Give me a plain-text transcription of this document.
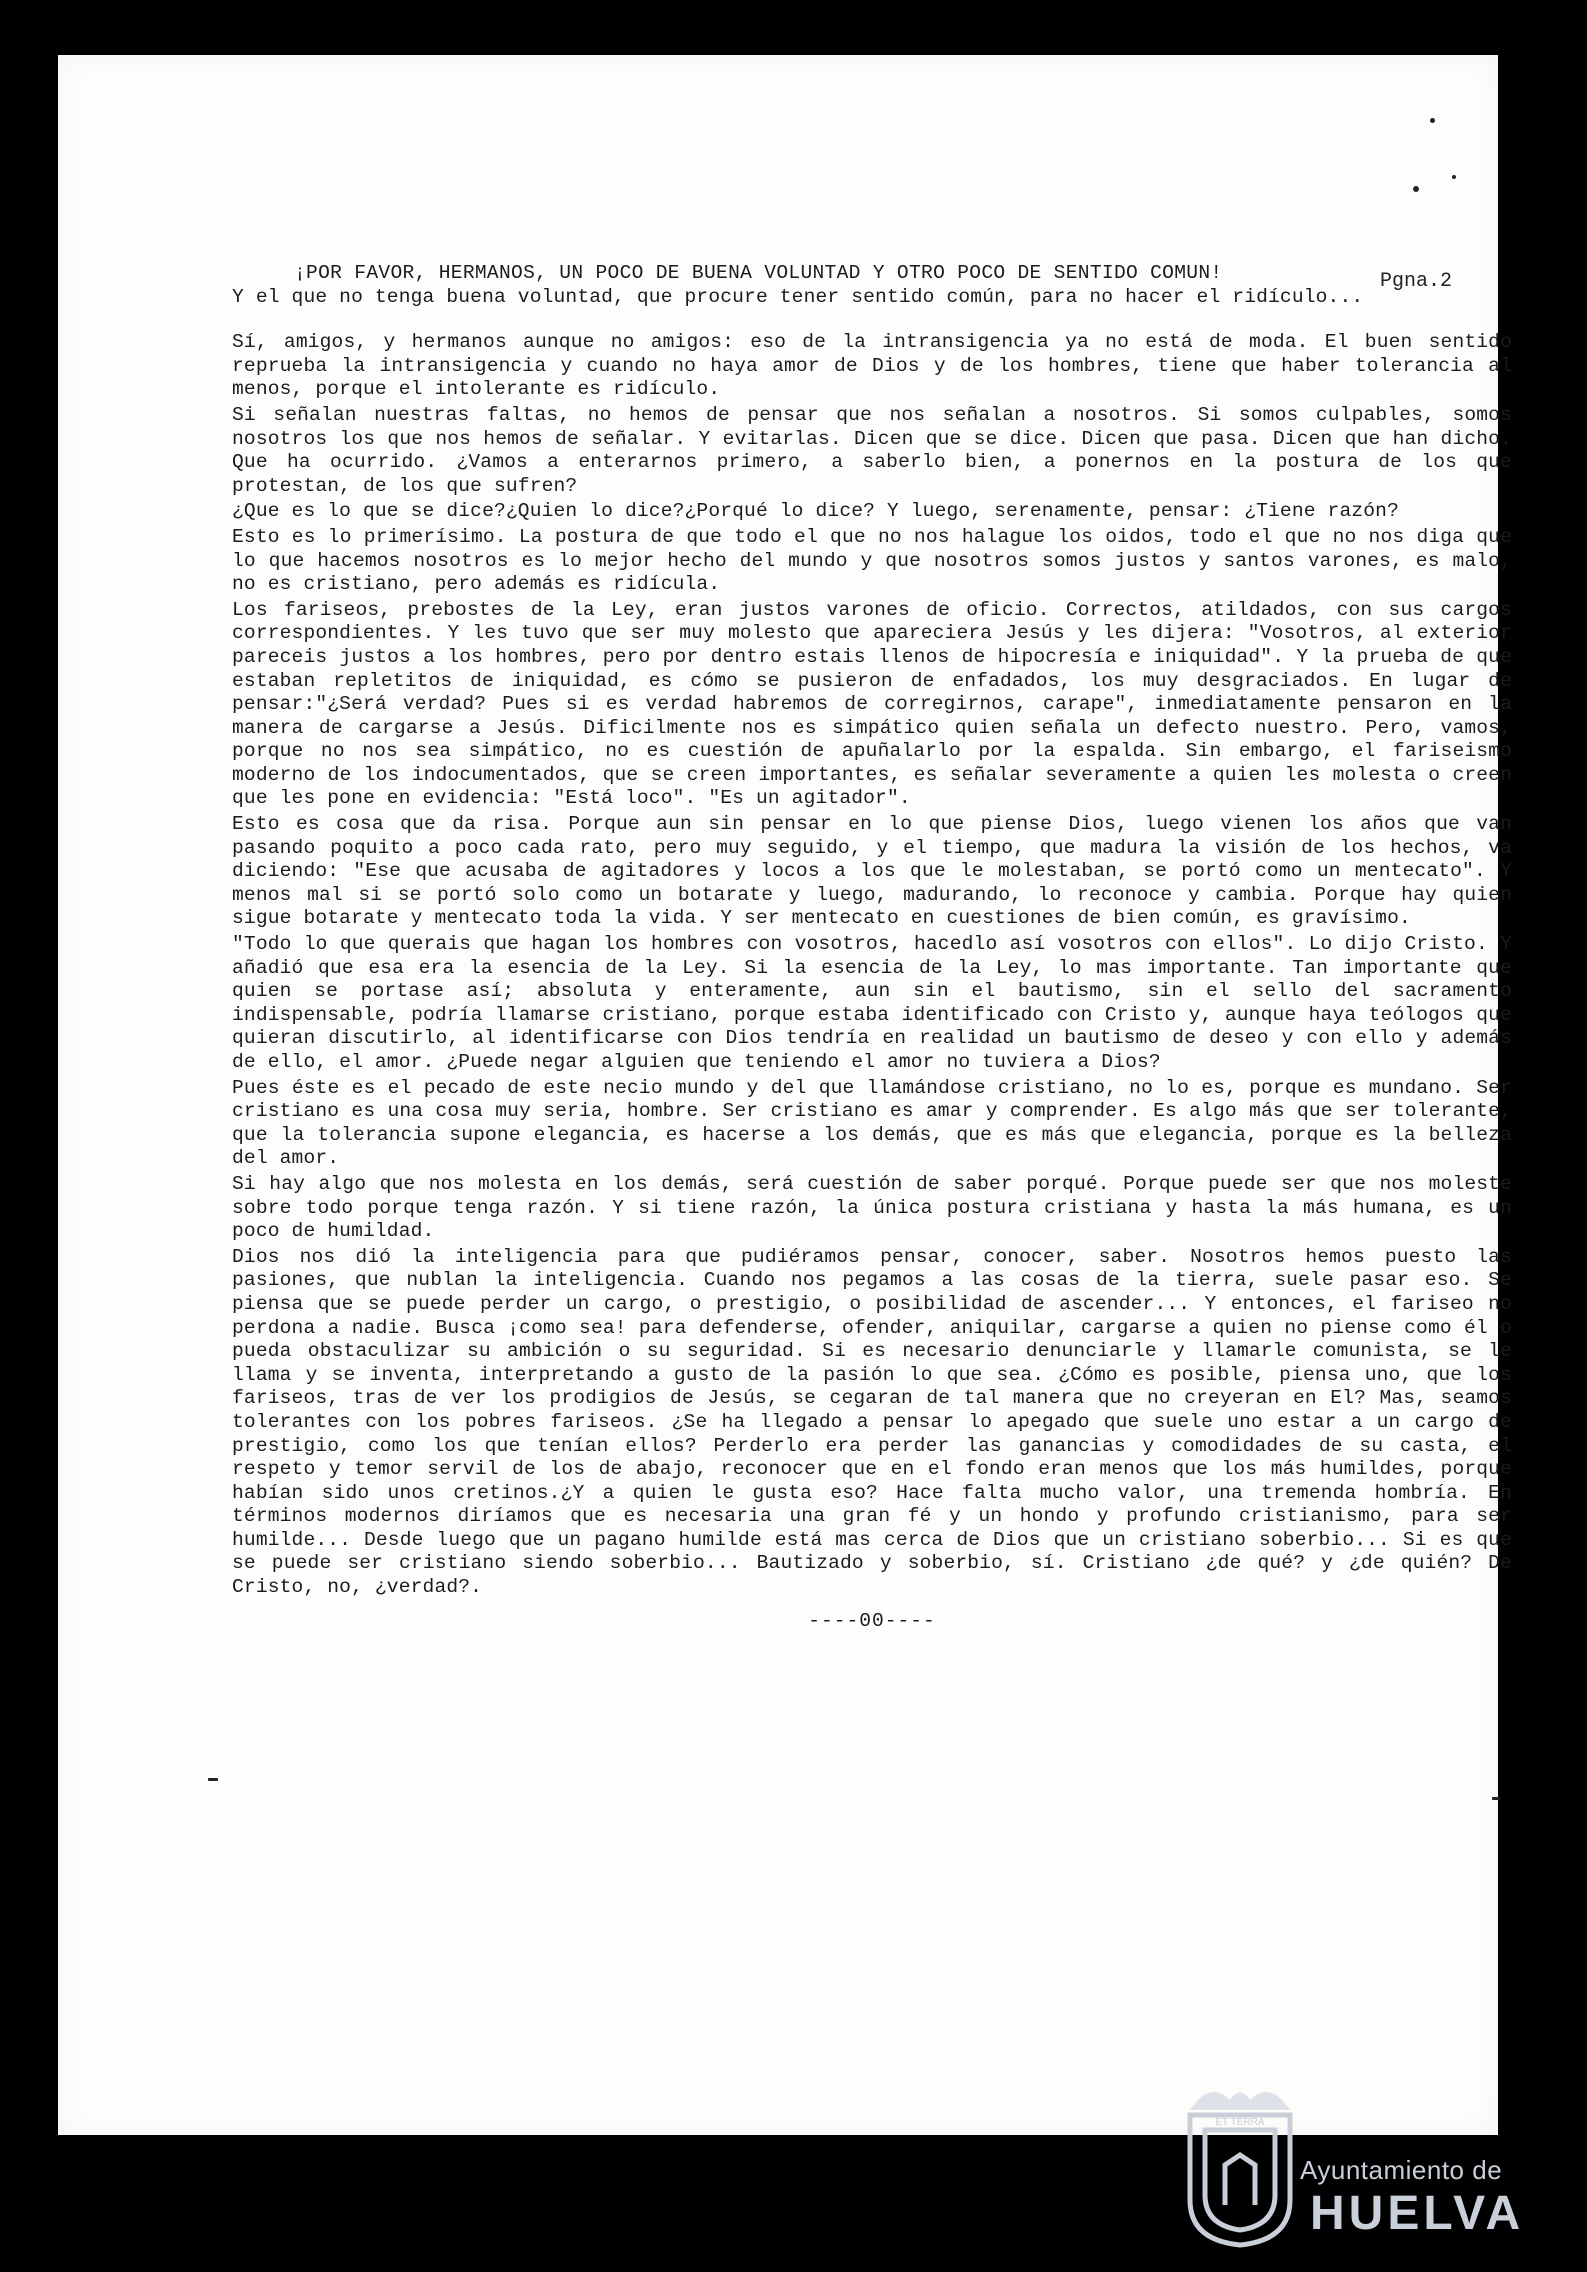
Pgna.2
¡POR FAVOR, HERMANOS, UN POCO DE BUENA VOLUNTAD Y OTRO POCO DE SENTIDO COMUN!

Y el que no tenga buena voluntad, que procure tener sentido común, para no hacer el ridículo...

Sí, amigos, y hermanos aunque no amigos: eso de la intransigencia ya no está de moda. El buen sentido reprueba la intransigencia y cuando no haya amor de Dios y de los hombres, tiene que haber tolerancia al menos, porque el intolerante es ridículo.

Si señalan nuestras faltas, no hemos de pensar que nos señalan a nosotros. Si somos culpables, somos nosotros los que nos hemos de señalar. Y evitarlas. Dicen que se dice. Dicen que pasa. Dicen que han dicho. Que ha ocurrido. ¿Vamos a enterarnos primero, a saberlo bien, a ponernos en la postura de los que protestan, de los que sufren?

¿Que es lo que se dice?¿Quien lo dice?¿Porqué lo dice? Y luego, serenamente, pensar: ¿Tiene razón?

Esto es lo primerísimo. La postura de que todo el que no nos halague los oidos, todo el que no nos diga que lo que hacemos nosotros es lo mejor hecho del mundo y que nosotros somos justos y santos varones, es malo, no es cristiano, pero además es ridícula.

Los fariseos, prebostes de la Ley, eran justos varones de oficio. Correctos, atildados, con sus cargos correspondientes. Y les tuvo que ser muy molesto que apareciera Jesús y les dijera: "Vosotros, al exterior pareceis justos a los hombres, pero por dentro estais llenos de hipocresía e iniquidad". Y la prueba de que estaban repletitos de iniquidad, es cómo se pusieron de enfadados, los muy desgraciados. En lugar de pensar:"¿Será verdad? Pues si es verdad habremos de corregirnos, carape", inmediatamente pensaron en la manera de cargarse a Jesús. Dificilmente nos es simpático quien señala un defecto nuestro. Pero, vamos, porque no nos sea simpático, no es cuestión de apuñalarlo por la espalda. Sin embargo, el fariseismo moderno de los indocumentados, que se creen importantes, es señalar severamente a quien les molesta o creen que les pone en evidencia: "Está loco". "Es un agitador".

Esto es cosa que da risa. Porque aun sin pensar en lo que piense Dios, luego vienen los años que van pasando poquito a poco cada rato, pero muy seguido, y el tiempo, que madura la visión de los hechos, va diciendo: "Ese que acusaba de agitadores y locos a los que le molestaban, se portó como un mentecato". Y menos mal si se portó solo como un botarate y luego, madurando, lo reconoce y cambia. Porque hay quien sigue botarate y mentecato toda la vida. Y ser mentecato en cuestiones de bien común, es gravísimo.

"Todo lo que querais que hagan los hombres con vosotros, hacedlo así vosotros con ellos". Lo dijo Cristo. Y añadió que esa era la esencia de la Ley. Si la esencia de la Ley, lo mas importante. Tan importante que quien se portase así; absoluta y enteramente, aun sin el bautismo, sin el sello del sacramento indispensable, podría llamarse cristiano, porque estaba identificado con Cristo y, aunque haya teólogos que quieran discutirlo, al identificarse con Dios tendría en realidad un bautismo de deseo y con ello y además de ello, el amor. ¿Puede negar alguien que teniendo el amor no tuviera a Dios?

Pues éste es el pecado de este necio mundo y del que llamándose cristiano, no lo es, porque es mundano. Ser cristiano es una cosa muy seria, hombre. Ser cristiano es amar y comprender. Es algo más que ser tolerante, que la tolerancia supone elegancia, es hacerse a los demás, que es más que elegancia, porque es la belleza del amor.

Si hay algo que nos molesta en los demás, será cuestión de saber porqué. Porque puede ser que nos moleste sobre todo porque tenga razón. Y si tiene razón, la única postura cristiana y hasta la más humana, es un poco de humildad.

Dios nos dió la inteligencia para que pudiéramos pensar, conocer, saber. Nosotros hemos puesto las pasiones, que nublan la inteligencia. Cuando nos pegamos a las cosas de la tierra, suele pasar eso. Se piensa que se puede perder un cargo, o prestigio, o posibilidad de ascender... Y entonces, el fariseo no perdona a nadie. Busca ¡como sea! para defenderse, ofender, aniquilar, cargarse a quien no piense como él o pueda obstaculizar su ambición o su seguridad. Si es necesario denunciarle y llamarle comunista, se le llama y se inventa, interpretando a gusto de la pasión lo que sea. ¿Cómo es posible, piensa uno, que los fariseos, tras de ver los prodigios de Jesús, se cegaran de tal manera que no creyeran en El? Mas, seamos tolerantes con los pobres fariseos. ¿Se ha llegado a pensar lo apegado que suele uno estar a un cargo de prestigio, como los que tenían ellos? Perderlo era perder las ganancias y comodidades de su casta, el respeto y temor servil de los de abajo, reconocer que en el fondo eran menos que los más humildes, porque habían sido unos cretinos.¿Y a quien le gusta eso? Hace falta mucho valor, una tremenda hombría. En términos modernos diríamos que es necesaria una gran fé y un hondo y profundo cristianismo, para ser humilde... Desde luego que un pagano humilde está mas cerca de Dios que un cristiano soberbio... Si es que se puede ser cristiano siendo soberbio... Bautizado y soberbio, sí. Cristiano ¿de qué? y ¿de quién? De Cristo, no, ¿verdad?.

----00----
ET TERRA
Ayuntamiento de
HUELVA
